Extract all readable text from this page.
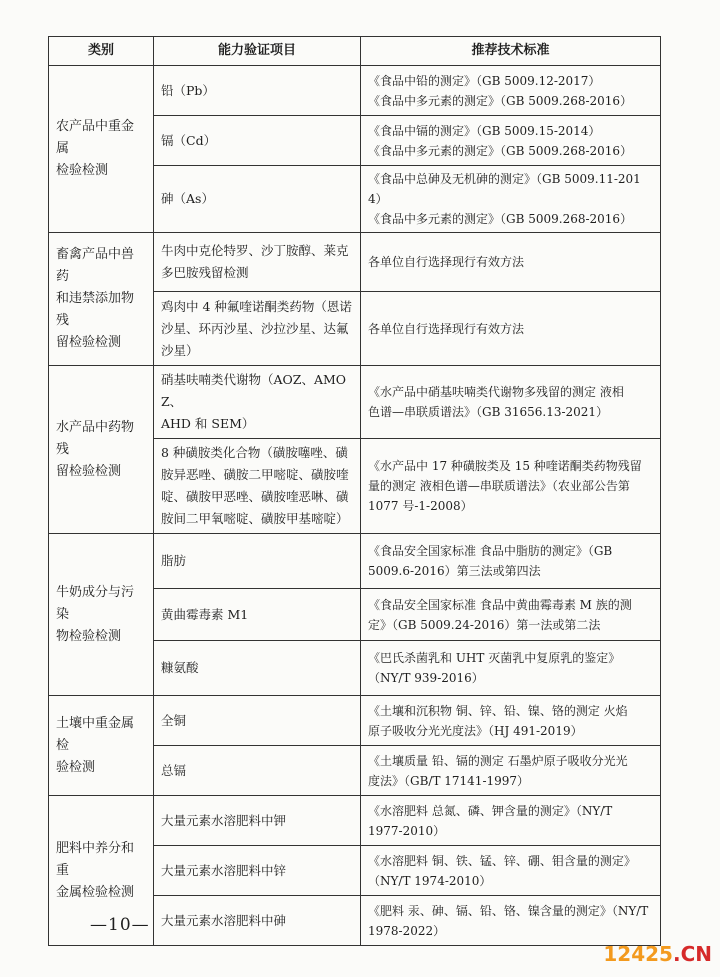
类别	能力验证项目	推荐技术标准
农产品中重金属
检验检测	铅（Pb）	《食品中铅的测定》（GB 5009.12-2017）
《食品中多元素的测定》（GB 5009.268-2016）
	镉（Cd）	《食品中镉的测定》（GB 5009.15-2014）
《食品中多元素的测定》（GB 5009.268-2016）
	砷（As）	《食品中总砷及无机砷的测定》（GB 5009.11-2014）
《食品中多元素的测定》（GB 5009.268-2016）
畜禽产品中兽药
和违禁添加物残
留检验检测	牛肉中克伦特罗、沙丁胺醇、莱克
多巴胺残留检测	各单位自行选择现行有效方法
	鸡肉中 4 种氟喹诺酮类药物（恩诺
沙星、环丙沙星、沙拉沙星、达氟
沙星）	各单位自行选择现行有效方法
水产品中药物残
留检验检测	硝基呋喃类代谢物（AOZ、AMOZ、
AHD 和 SEM）	《水产品中硝基呋喃类代谢物多残留的测定 液相
色谱—串联质谱法》（GB 31656.13-2021）
	8 种磺胺类化合物（磺胺噻唑、磺
胺异恶唑、磺胺二甲嘧啶、磺胺喹
啶、磺胺甲恶唑、磺胺喹恶啉、磺
胺间二甲氧嘧啶、磺胺甲基嘧啶）	《水产品中 17 种磺胺类及 15 种喹诺酮类药物残留
量的测定 液相色谱—串联质谱法》（农业部公告第
1077 号-1-2008）
牛奶成分与污染
物检验检测	脂肪	《食品安全国家标准 食品中脂肪的测定》（GB
5009.6-2016）第三法或第四法
	黄曲霉毒素 M1	《食品安全国家标准 食品中黄曲霉毒素 M 族的测
定》（GB 5009.24-2016）第一法或第二法
	糠氨酸	《巴氏杀菌乳和 UHT 灭菌乳中复原乳的鉴定》
（NY/T 939-2016）
土壤中重金属检
验检测	全铜	《土壤和沉积物 铜、锌、铅、镍、铬的测定 火焰
原子吸收分光光度法》（HJ 491-2019）
	总镉	《土壤质量 铅、镉的测定 石墨炉原子吸收分光光
度法》（GB/T 17141-1997）
肥料中养分和重
金属检验检测	大量元素水溶肥料中钾	《水溶肥料 总氮、磷、钾含量的测定》（NY/T
1977-2010）
	大量元素水溶肥料中锌	《水溶肥料 铜、铁、锰、锌、硼、钼含量的测定》
（NY/T 1974-2010）
	大量元素水溶肥料中砷	《肥料 汞、砷、镉、铅、铬、镍含量的测定》（NY/T
1978-2022）
—10—
12425.CN
